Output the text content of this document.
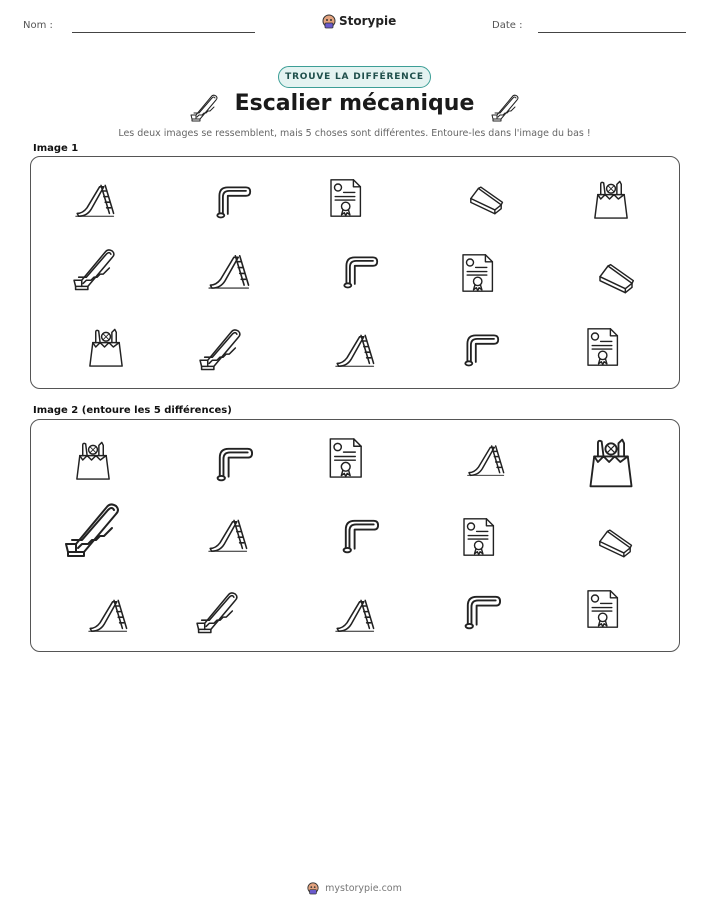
Nom :	Storypie	Date :
TROUVE LA DIFFÉRENCE
Escalier mécanique
Les deux images se ressemblent, mais 5 choses sont différentes. Entoure-les dans l'image du bas !
Image 1
Image 2 (entoure les 5 différences)
mystorypie.com
